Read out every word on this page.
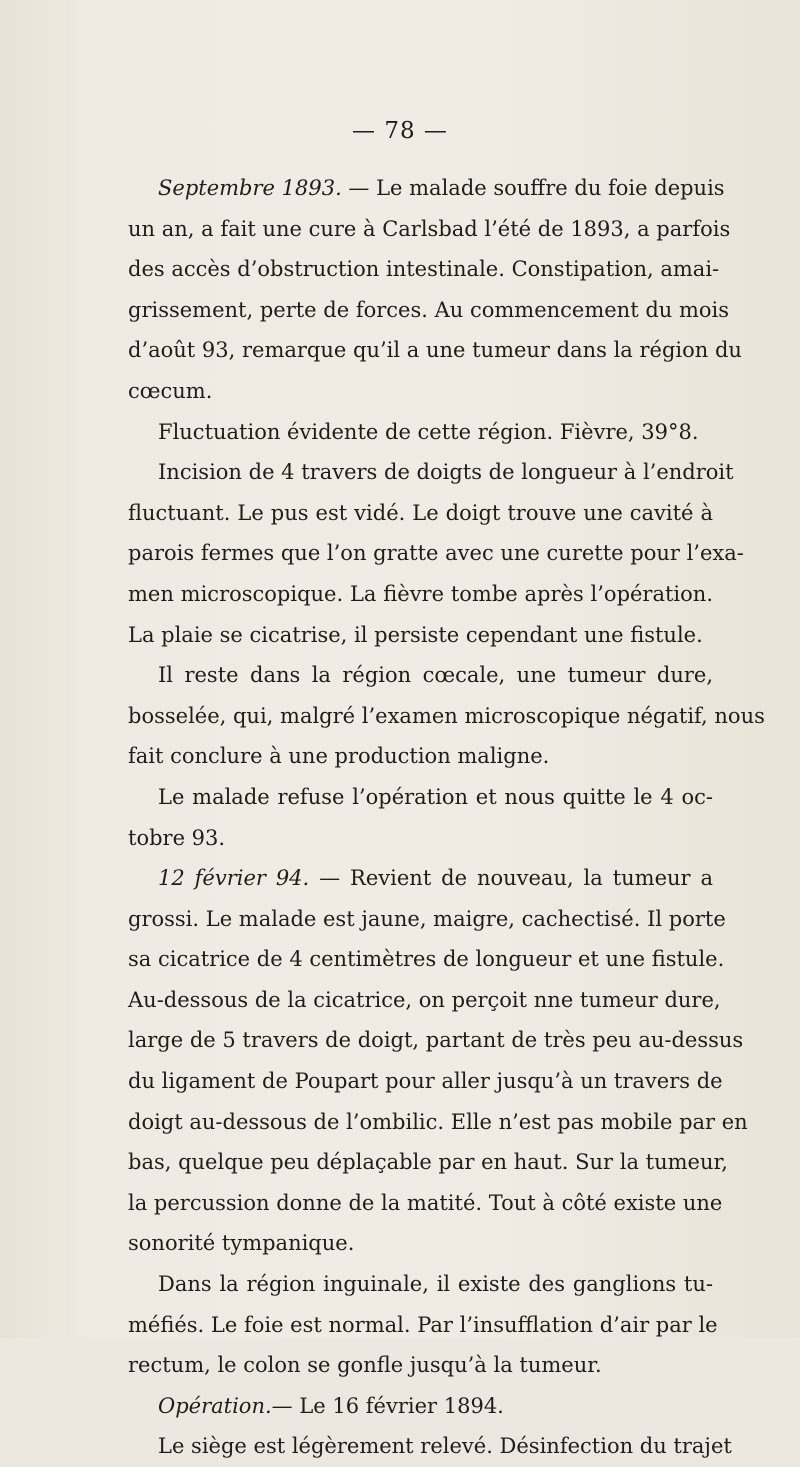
— 78 —
Septembre 1893. — Le malade souffre du foie depuis
un an, a fait une cure à Carlsbad l’été de 1893, a parfois
des accès d’obstruction intestinale. Constipation, amai-
grissement, perte de forces. Au commencement du mois
d’août 93, remarque qu’il a une tumeur dans la région du
cœcum.
Fluctuation évidente de cette région. Fièvre, 39°8.
Incision de 4 travers de doigts de longueur à l’endroit
fluctuant. Le pus est vidé. Le doigt trouve une cavité à
parois fermes que l’on gratte avec une curette pour l’exa-
men microscopique. La fièvre tombe après l’opération.
La plaie se cicatrise, il persiste cependant une fistule.
Il reste dans la région cœcale, une tumeur dure,
bosselée, qui, malgré l’examen microscopique négatif, nous
fait conclure à une production maligne.
Le malade refuse l’opération et nous quitte le 4 oc-
tobre 93.
12 février 94. — Revient de nouveau, la tumeur a
grossi. Le malade est jaune, maigre, cachectisé. Il porte
sa cicatrice de 4 centimètres de longueur et une fistule.
Au-dessous de la cicatrice, on perçoit nne tumeur dure,
large de 5 travers de doigt, partant de très peu au-dessus
du ligament de Poupart pour aller jusqu’à un travers de
doigt au-dessous de l’ombilic. Elle n’est pas mobile par en
bas, quelque peu déplaçable par en haut. Sur la tumeur,
la percussion donne de la matité. Tout à côté existe une
sonorité tympanique.
Dans la région inguinale, il existe des ganglions tu-
méfiés. Le foie est normal. Par l’insufflation d’air par le
rectum, le colon se gonfle jusqu’à la tumeur.
Opération.— Le 16 février 1894.
Le siège est légèrement relevé. Désinfection du trajet
